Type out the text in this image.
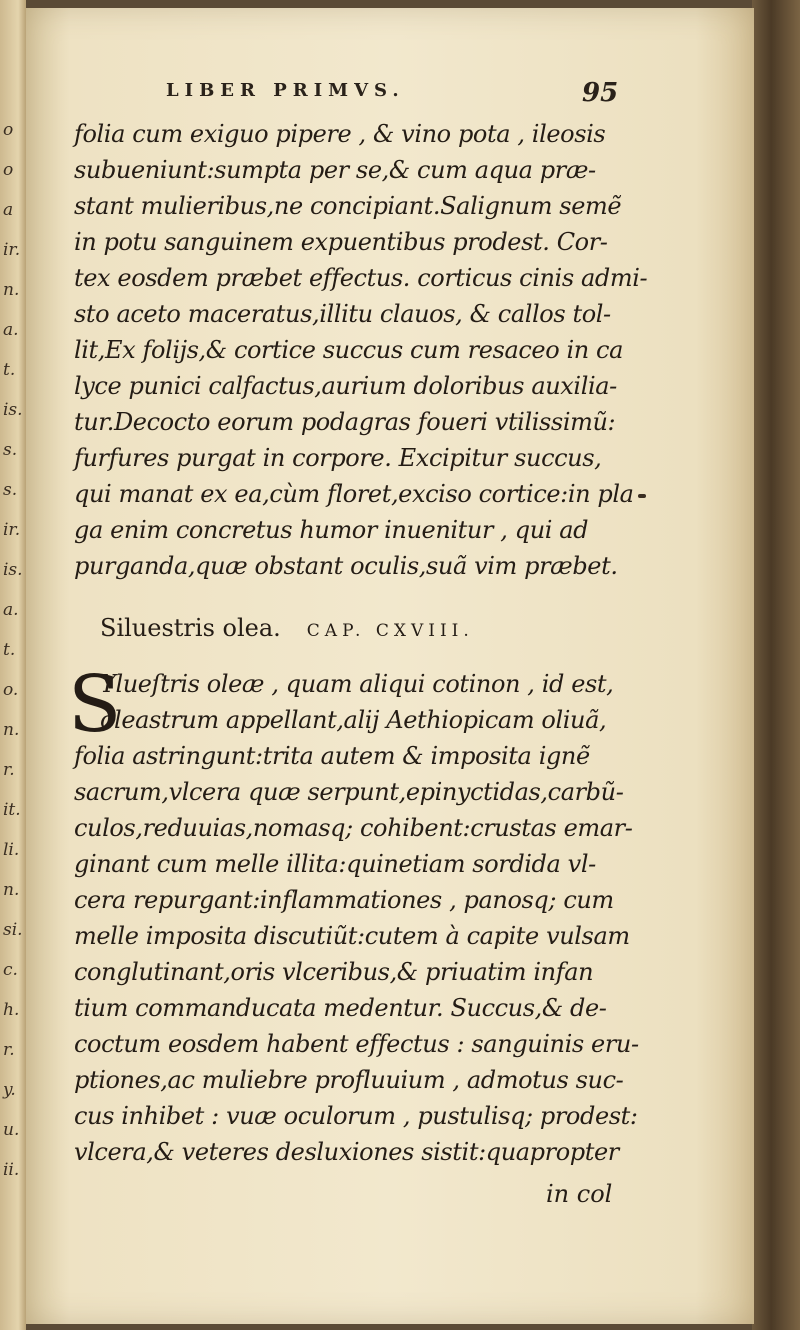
o
o
a
ir.
n.
a.
t.
is.
s.
s.
ir.
is.
a.
t.
o.
n.
r.
it.
li.
n.
si.
c.
h.
r.
y.
u.
ii.
LIBER PRIMVS.	95
folia cum exiguo pipere , & vino pota , ileosis
subueniunt:sumpta per se,& cum aqua præ-
stant mulieribus,ne concipiant.Salignum semẽ
in potu sanguinem expuentibus prodest. Cor-
tex eosdem præbet effectus. corticus cinis admi-
sto aceto maceratus,illitu clauos, & callos tol-
lit,Ex folijs,& cortice succus cum resaceo in ca
lyce punici calfactus,aurium doloribus auxilia-
tur.Decocto eorum podagras foueri vtilissimũ:
furfures purgat in corpore. Excipitur succus,
qui manat ex ea,cùm floret,exciso cortice:in pla
ga enim concretus humor inuenitur , qui ad
purganda,quæ obstant oculis,suã vim præbet.
Siluestris olea. CAP. CXVIII.
S
Ylueſtris oleæ , quam aliqui cotinon , id est,
oleastrum appellant,alij Aethiopicam oliuã,
folia astringunt:trita autem & imposita ignẽ
sacrum,vlcera quæ serpunt,epinyctidas,carbũ-
culos,reduuias,nomasq; cohibent:crustas emar-
ginant cum melle illita:quinetiam sordida vl-
cera repurgant:inflammationes , panosq; cum
melle imposita discutiũt:cutem à capite vulsam
conglutinant,oris vlceribus,& priuatim infan
tium commanducata medentur. Succus,& de-
coctum eosdem habent effectus : sanguinis eru-
ptiones,ac muliebre profluuium , admotus suc-
cus inhibet : vuæ oculorum , pustulisq; prodest:
vlcera,& veteres desluxiones sistit:quapropter
in col
